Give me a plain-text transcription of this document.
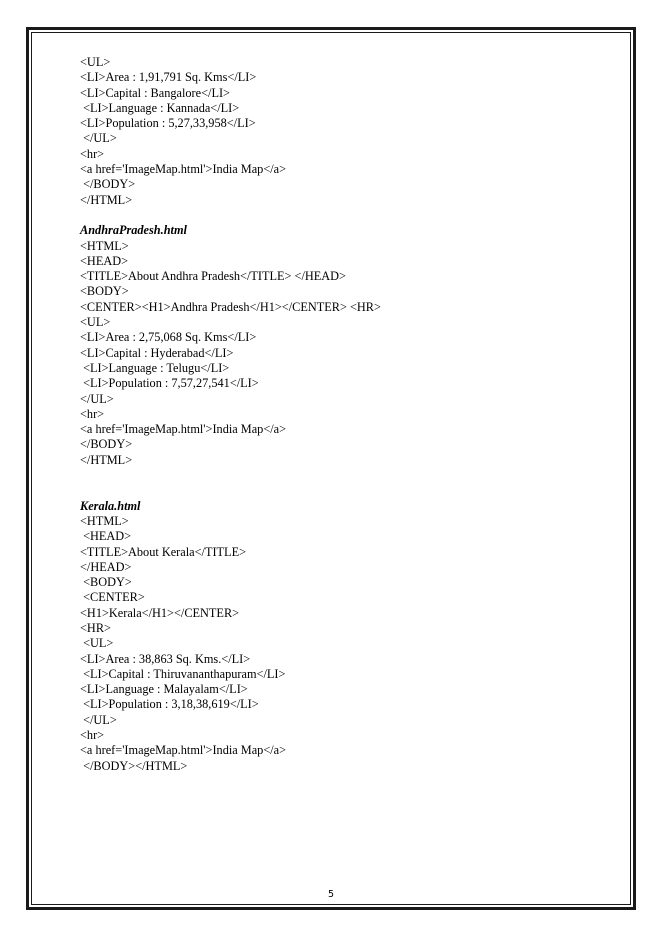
<UL>
<LI>Area : 1,91,791 Sq. Kms</LI>
<LI>Capital : Bangalore</LI>
<LI>Language : Kannada</LI>
<LI>Population : 5,27,33,958</LI>
</UL>
<hr>
<a href='ImageMap.html'>India Map</a>
</BODY>
</HTML>
AndhraPradesh.html
<HTML>
<HEAD>
<TITLE>About Andhra Pradesh</TITLE> </HEAD>
<BODY>
<CENTER><H1>Andhra Pradesh</H1></CENTER> <HR>
<UL>
<LI>Area : 2,75,068 Sq. Kms</LI>
<LI>Capital : Hyderabad</LI>
<LI>Language : Telugu</LI>
<LI>Population : 7,57,27,541</LI>
</UL>
<hr>
<a href='ImageMap.html'>India Map</a>
</BODY>
</HTML>
Kerala.html
<HTML>
<HEAD>
<TITLE>About Kerala</TITLE>
</HEAD>
<BODY>
<CENTER>
<H1>Kerala</H1></CENTER>
<HR>
<UL>
<LI>Area : 38,863 Sq. Kms.</LI>
<LI>Capital : Thiruvananthapuram</LI>
<LI>Language : Malayalam</LI>
<LI>Population : 3,18,38,619</LI>
</UL>
<hr>
<a href='ImageMap.html'>India Map</a>
</BODY></HTML>
5
